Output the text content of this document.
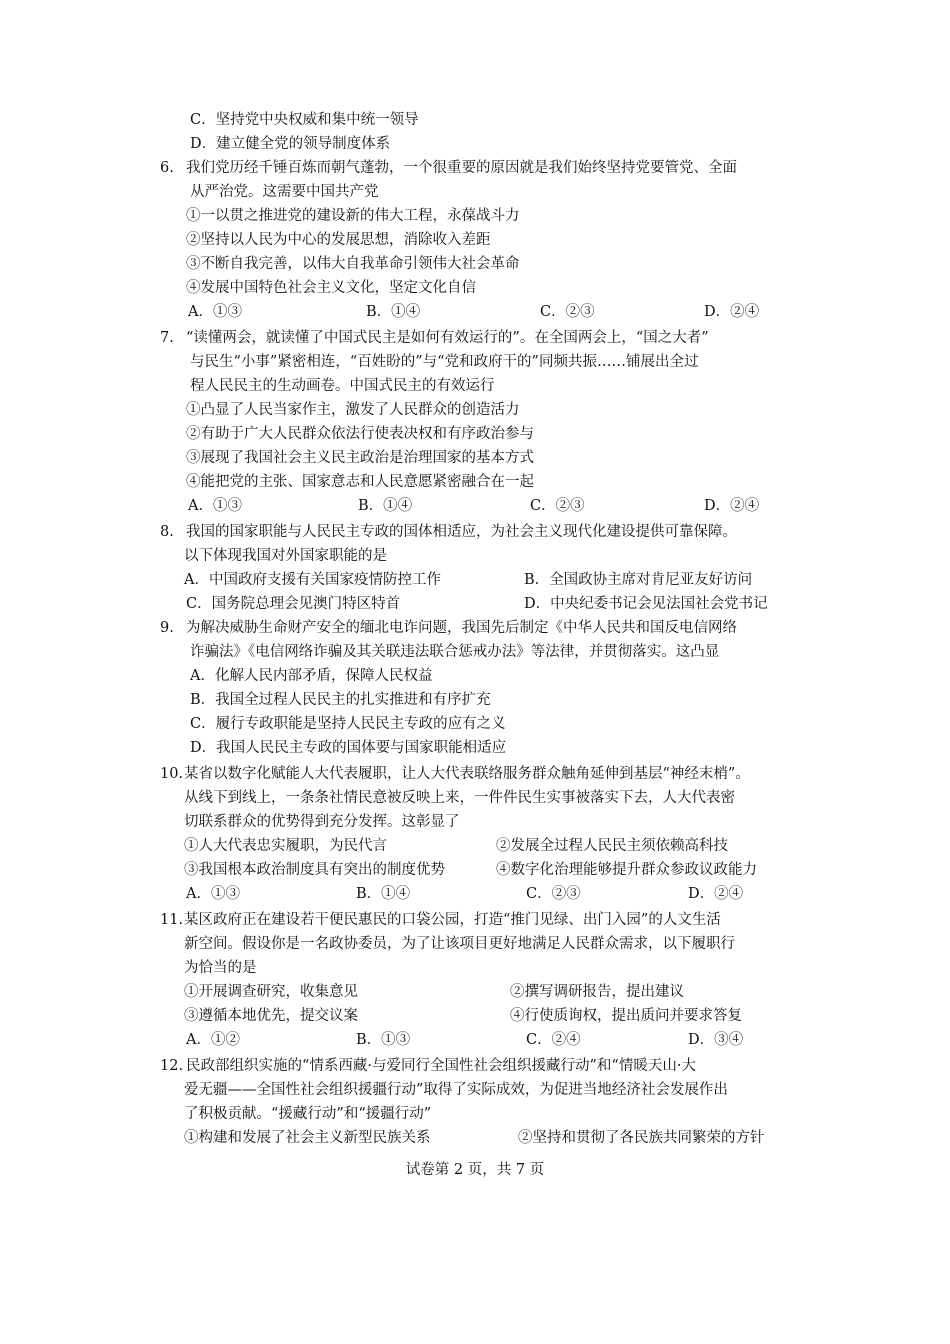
C．坚持党中央权威和集中统一领导
D．建立健全党的领导制度体系
6. 我们党历经千锤百炼而朝气蓬勃，一个很重要的原因就是我们始终坚持党要管党、全面
从严治党。这需要中国共产党
①一以贯之推进党的建设新的伟大工程，永葆战斗力
②坚持以人民为中心的发展思想，消除收入差距
③不断自我完善，以伟大自我革命引领伟大社会革命
④发展中国特色社会主义文化，坚定文化自信
A．①③	B．①④	C．②③	D．②④
7. “读懂两会，就读懂了中国式民主是如何有效运行的”。在全国两会上，“国之大者”
与民生“小事”紧密相连，“百姓盼的”与“党和政府干的”同频共振……铺展出全过
程人民民主的生动画卷。中国式民主的有效运行
①凸显了人民当家作主，激发了人民群众的创造活力
②有助于广大人民群众依法行使表决权和有序政治参与
③展现了我国社会主义民主政治是治理国家的基本方式
④能把党的主张、国家意志和人民意愿紧密融合在一起
A．①③	B．①④	C．②③	D．②④
8. 我国的国家职能与人民民主专政的国体相适应，为社会主义现代化建设提供可靠保障。
以下体现我国对外国家职能的是
A．中国政府支援有关国家疫情防控工作	B．全国政协主席对肯尼亚友好访问
C．国务院总理会见澳门特区特首	D．中央纪委书记会见法国社会党书记
9. 为解决威胁生命财产安全的缅北电诈问题，我国先后制定《中华人民共和国反电信网络
诈骗法》《电信网络诈骗及其关联违法联合惩戒办法》等法律，并贯彻落实。这凸显
A．化解人民内部矛盾，保障人民权益
B．我国全过程人民民主的扎实推进和有序扩充
C．履行专政职能是坚持人民民主专政的应有之义
D．我国人民民主专政的国体要与国家职能相适应
10. 某省以数字化赋能人大代表履职，让人大代表联络服务群众触角延伸到基层“神经末梢”。
从线下到线上，一条条社情民意被反映上来，一件件民生实事被落实下去，人大代表密
切联系群众的优势得到充分发挥。这彰显了
①人大代表忠实履职，为民代言	②发展全过程人民民主须依赖高科技
③我国根本政治制度具有突出的制度优势	④数字化治理能够提升群众参政议政能力
A．①③	B．①④	C．②③	D．②④
11. 某区政府正在建设若干便民惠民的口袋公园，打造“推门见绿、出门入园”的人文生活
新空间。假设你是一名政协委员，为了让该项目更好地满足人民群众需求，以下履职行
为恰当的是
①开展调查研究，收集意见	②撰写调研报告，提出建议
③遵循本地优先，提交议案	④行使质询权，提出质问并要求答复
A．①②	B．①③	C．②④	D．③④
12. 民政部组织实施的“情系西藏·与爱同行全国性社会组织援藏行动”和“情暖天山·大
爱无疆——全国性社会组织援疆行动”取得了实际成效，为促进当地经济社会发展作出
了积极贡献。“援藏行动”和“援疆行动”
①构建和发展了社会主义新型民族关系	②坚持和贯彻了各民族共同繁荣的方针
试卷第 2 页，共 7 页
